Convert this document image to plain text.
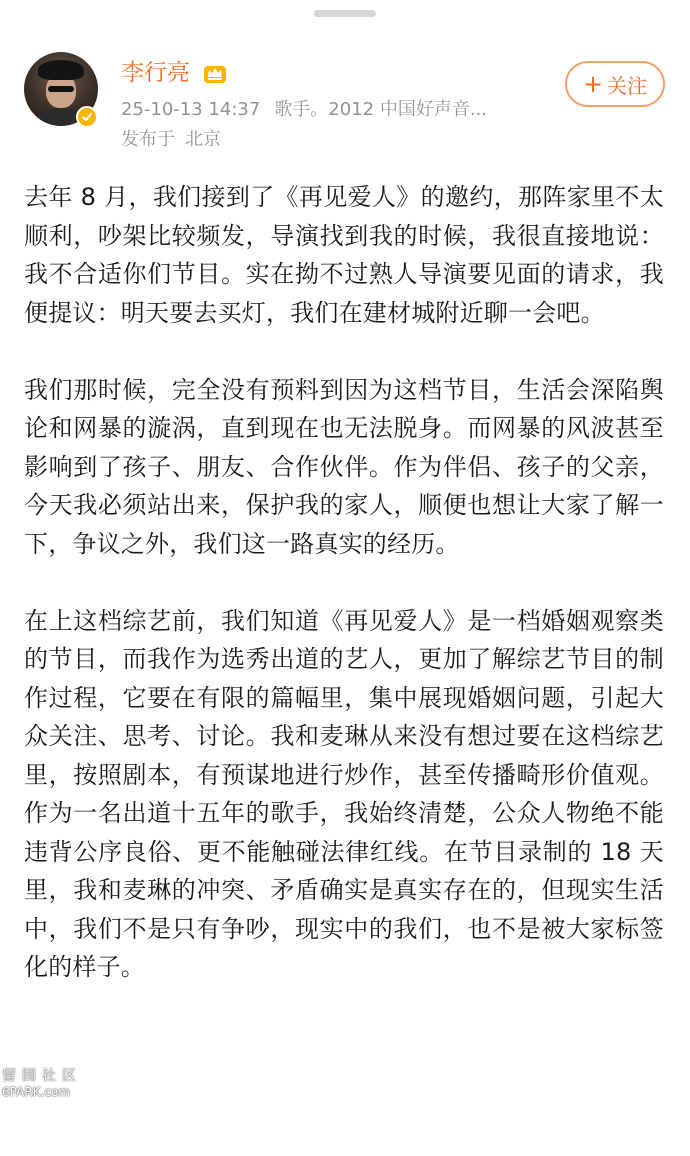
李行亮
25-10-13 14:37 歌手。2012 中国好声音...
发布于 北京
+ 关注

去年 8 月，我们接到了《再见爱人》的邀约，那阵家里不太顺利，吵架比较频发，导演找到我的时候，我很直接地说：我不合适你们节目。实在拗不过熟人导演要见面的请求，我便提议：明天要去买灯，我们在建材城附近聊一会吧。

我们那时候，完全没有预料到因为这档节目，生活会深陷舆论和网暴的漩涡，直到现在也无法脱身。而网暴的风波甚至影响到了孩子、朋友、合作伙伴。作为伴侣、孩子的父亲，今天我必须站出来，保护我的家人，顺便也想让大家了解一下，争议之外，我们这一路真实的经历。

在上这档综艺前，我们知道《再见爱人》是一档婚姻观察类的节目，而我作为选秀出道的艺人，更加了解综艺节目的制作过程，它要在有限的篇幅里，集中展现婚姻问题，引起大众关注、思考、讨论。我和麦琳从来没有想过要在这档综艺里，按照剧本，有预谋地进行炒作，甚至传播畸形价值观。作为一名出道十五年的歌手，我始终清楚，公众人物绝不能违背公序良俗、更不能触碰法律红线。在节目录制的 18 天里，我和麦琳的冲突、矛盾确实是真实存在的，但现实生活中，我们不是只有争吵，现实中的我们，也不是被大家标签化的样子。

留园社区
6PARK.com
